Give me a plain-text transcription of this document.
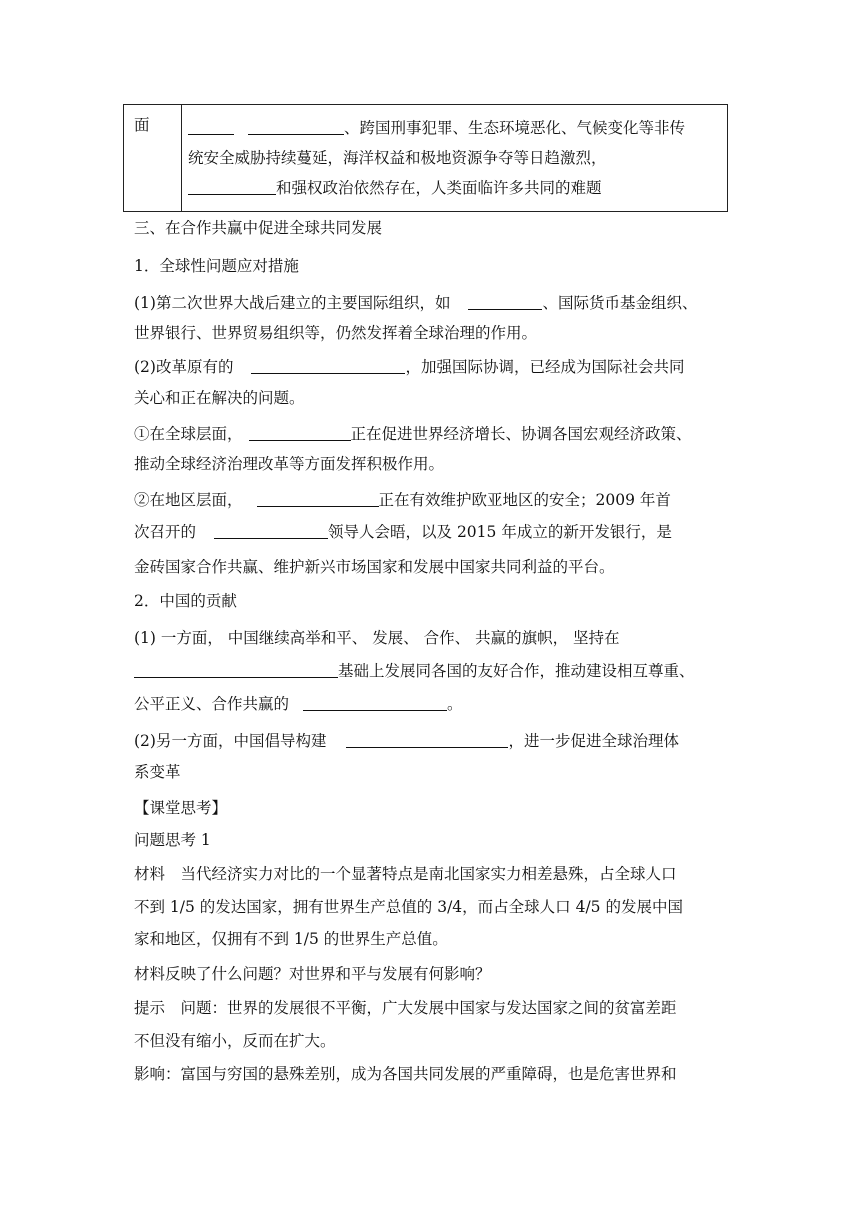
面	、跨国刑事犯罪、生态环境恶化、气候变化等非传
统安全威胁持续蔓延，海洋权益和极地资源争夺等日趋激烈，
和强权政治依然存在，人类面临许多共同的难题
三、在合作共赢中促进全球共同发展
1．全球性问题应对措施
(1)第二次世界大战后建立的主要国际组织，如	、国际货币基金组织、
世界银行、世界贸易组织等，仍然发挥着全球治理的作用。
(2)改革原有的	，加强国际协调，已经成为国际社会共同
关心和正在解决的问题。
①在全球层面，	正在促进世界经济增长、协调各国宏观经济政策、
推动全球经济治理改革等方面发挥积极作用。
②在地区层面，	正在有效维护欧亚地区的安全；2009 年首
次召开的	领导人会晤，以及 2015 年成立的新开发银行，是
金砖国家合作共赢、维护新兴市场国家和发展中国家共同利益的平台。
2．中国的贡献
(1) 一方面， 中国继续高举和平、 发展、 合作、 共赢的旗帜， 坚持在
基础上发展同各国的友好合作，推动建设相互尊重、
公平正义、合作共赢的	。
(2)另一方面，中国倡导构建	，进一步促进全球治理体
系变革
【课堂思考】
问题思考 1
材料　当代经济实力对比的一个显著特点是南北国家实力相差悬殊，占全球人口
不到 1/5 的发达国家，拥有世界生产总值的 3/4，而占全球人口 4/5 的发展中国
家和地区，仅拥有不到 1/5 的世界生产总值。
材料反映了什么问题？对世界和平与发展有何影响？
提示　问题：世界的发展很不平衡，广大发展中国家与发达国家之间的贫富差距
不但没有缩小，反而在扩大。
影响：富国与穷国的悬殊差别，成为各国共同发展的严重障碍，也是危害世界和
